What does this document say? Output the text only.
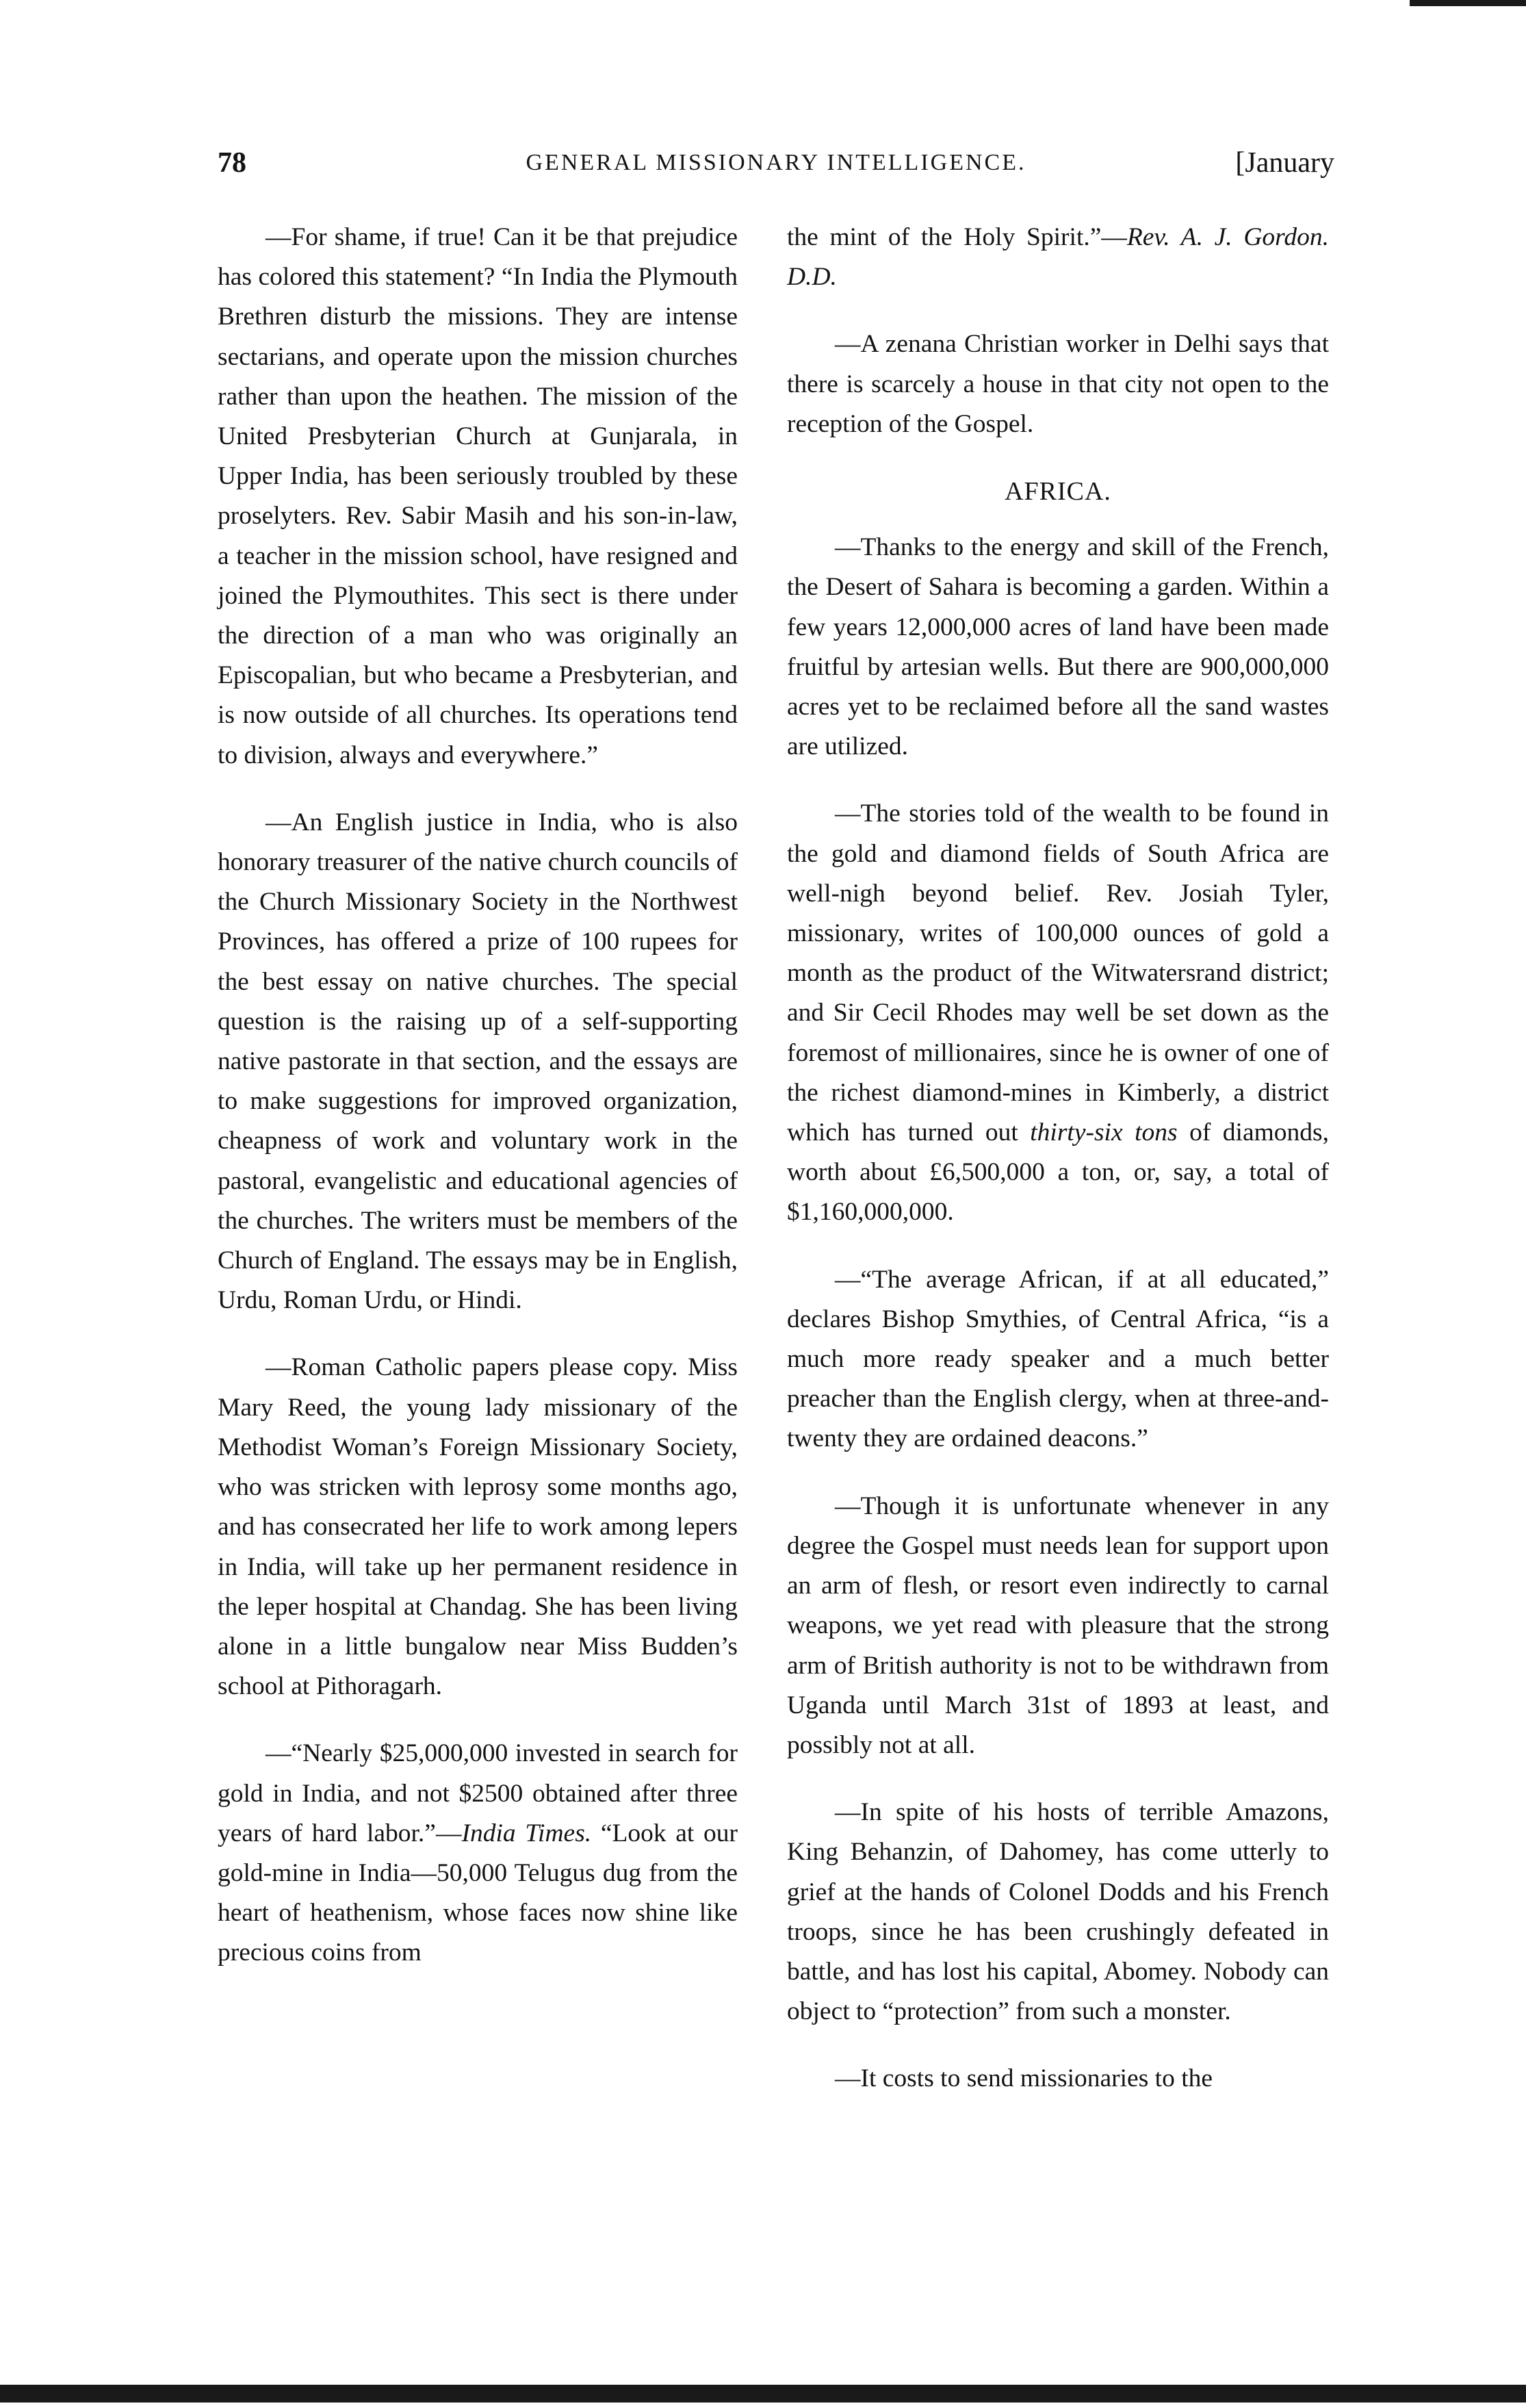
78	GENERAL MISSIONARY INTELLIGENCE.	[January

—For shame, if true! Can it be that prejudice has colored this statement? “In India the Plymouth Brethren disturb the missions. They are intense sectarians, and operate upon the mission churches rather than upon the heathen. The mission of the United Presbyterian Church at Gunjarala, in Upper India, has been seriously troubled by these proselyters. Rev. Sabir Masih and his son-in-law, a teacher in the mission school, have resigned and joined the Plymouthites. This sect is there under the direction of a man who was originally an Episcopalian, but who became a Presbyterian, and is now outside of all churches. Its operations tend to division, always and everywhere.”

—An English justice in India, who is also honorary treasurer of the native church councils of the Church Missionary Society in the Northwest Provinces, has offered a prize of 100 rupees for the best essay on native churches. The special question is the raising up of a self-supporting native pastorate in that section, and the essays are to make suggestions for improved organization, cheapness of work and voluntary work in the pastoral, evangelistic and educational agencies of the churches. The writers must be members of the Church of England. The essays may be in English, Urdu, Roman Urdu, or Hindi.

—Roman Catholic papers please copy. Miss Mary Reed, the young lady missionary of the Methodist Woman’s Foreign Missionary Society, who was stricken with leprosy some months ago, and has consecrated her life to work among lepers in India, will take up her permanent residence in the leper hospital at Chandag. She has been living alone in a little bungalow near Miss Budden’s school at Pithoragarh.

—“Nearly $25,000,000 invested in search for gold in India, and not $2500 obtained after three years of hard labor.”—India Times. “Look at our gold-mine in India—50,000 Telugus dug from the heart of heathenism, whose faces now shine like precious coins from

the mint of the Holy Spirit.”—Rev. A. J. Gordon. D.D.

—A zenana Christian worker in Delhi says that there is scarcely a house in that city not open to the reception of the Gospel.

AFRICA.

—Thanks to the energy and skill of the French, the Desert of Sahara is becoming a garden. Within a few years 12,000,000 acres of land have been made fruitful by artesian wells. But there are 900,000,000 acres yet to be reclaimed before all the sand wastes are utilized.

—The stories told of the wealth to be found in the gold and diamond fields of South Africa are well-nigh beyond belief. Rev. Josiah Tyler, missionary, writes of 100,000 ounces of gold a month as the product of the Witwatersrand district; and Sir Cecil Rhodes may well be set down as the foremost of millionaires, since he is owner of one of the richest diamond-mines in Kimberly, a district which has turned out thirty-six tons of diamonds, worth about £6,500,000 a ton, or, say, a total of $1,160,000,000.

—“The average African, if at all educated,” declares Bishop Smythies, of Central Africa, “is a much more ready speaker and a much better preacher than the English clergy, when at three-and-twenty they are ordained deacons.”

—Though it is unfortunate whenever in any degree the Gospel must needs lean for support upon an arm of flesh, or resort even indirectly to carnal weapons, we yet read with pleasure that the strong arm of British authority is not to be withdrawn from Uganda until March 31st of 1893 at least, and possibly not at all.

—In spite of his hosts of terrible Amazons, King Behanzin, of Dahomey, has come utterly to grief at the hands of Colonel Dodds and his French troops, since he has been crushingly defeated in battle, and has lost his capital, Abomey. Nobody can object to “protection” from such a monster.

—It costs to send missionaries to the
